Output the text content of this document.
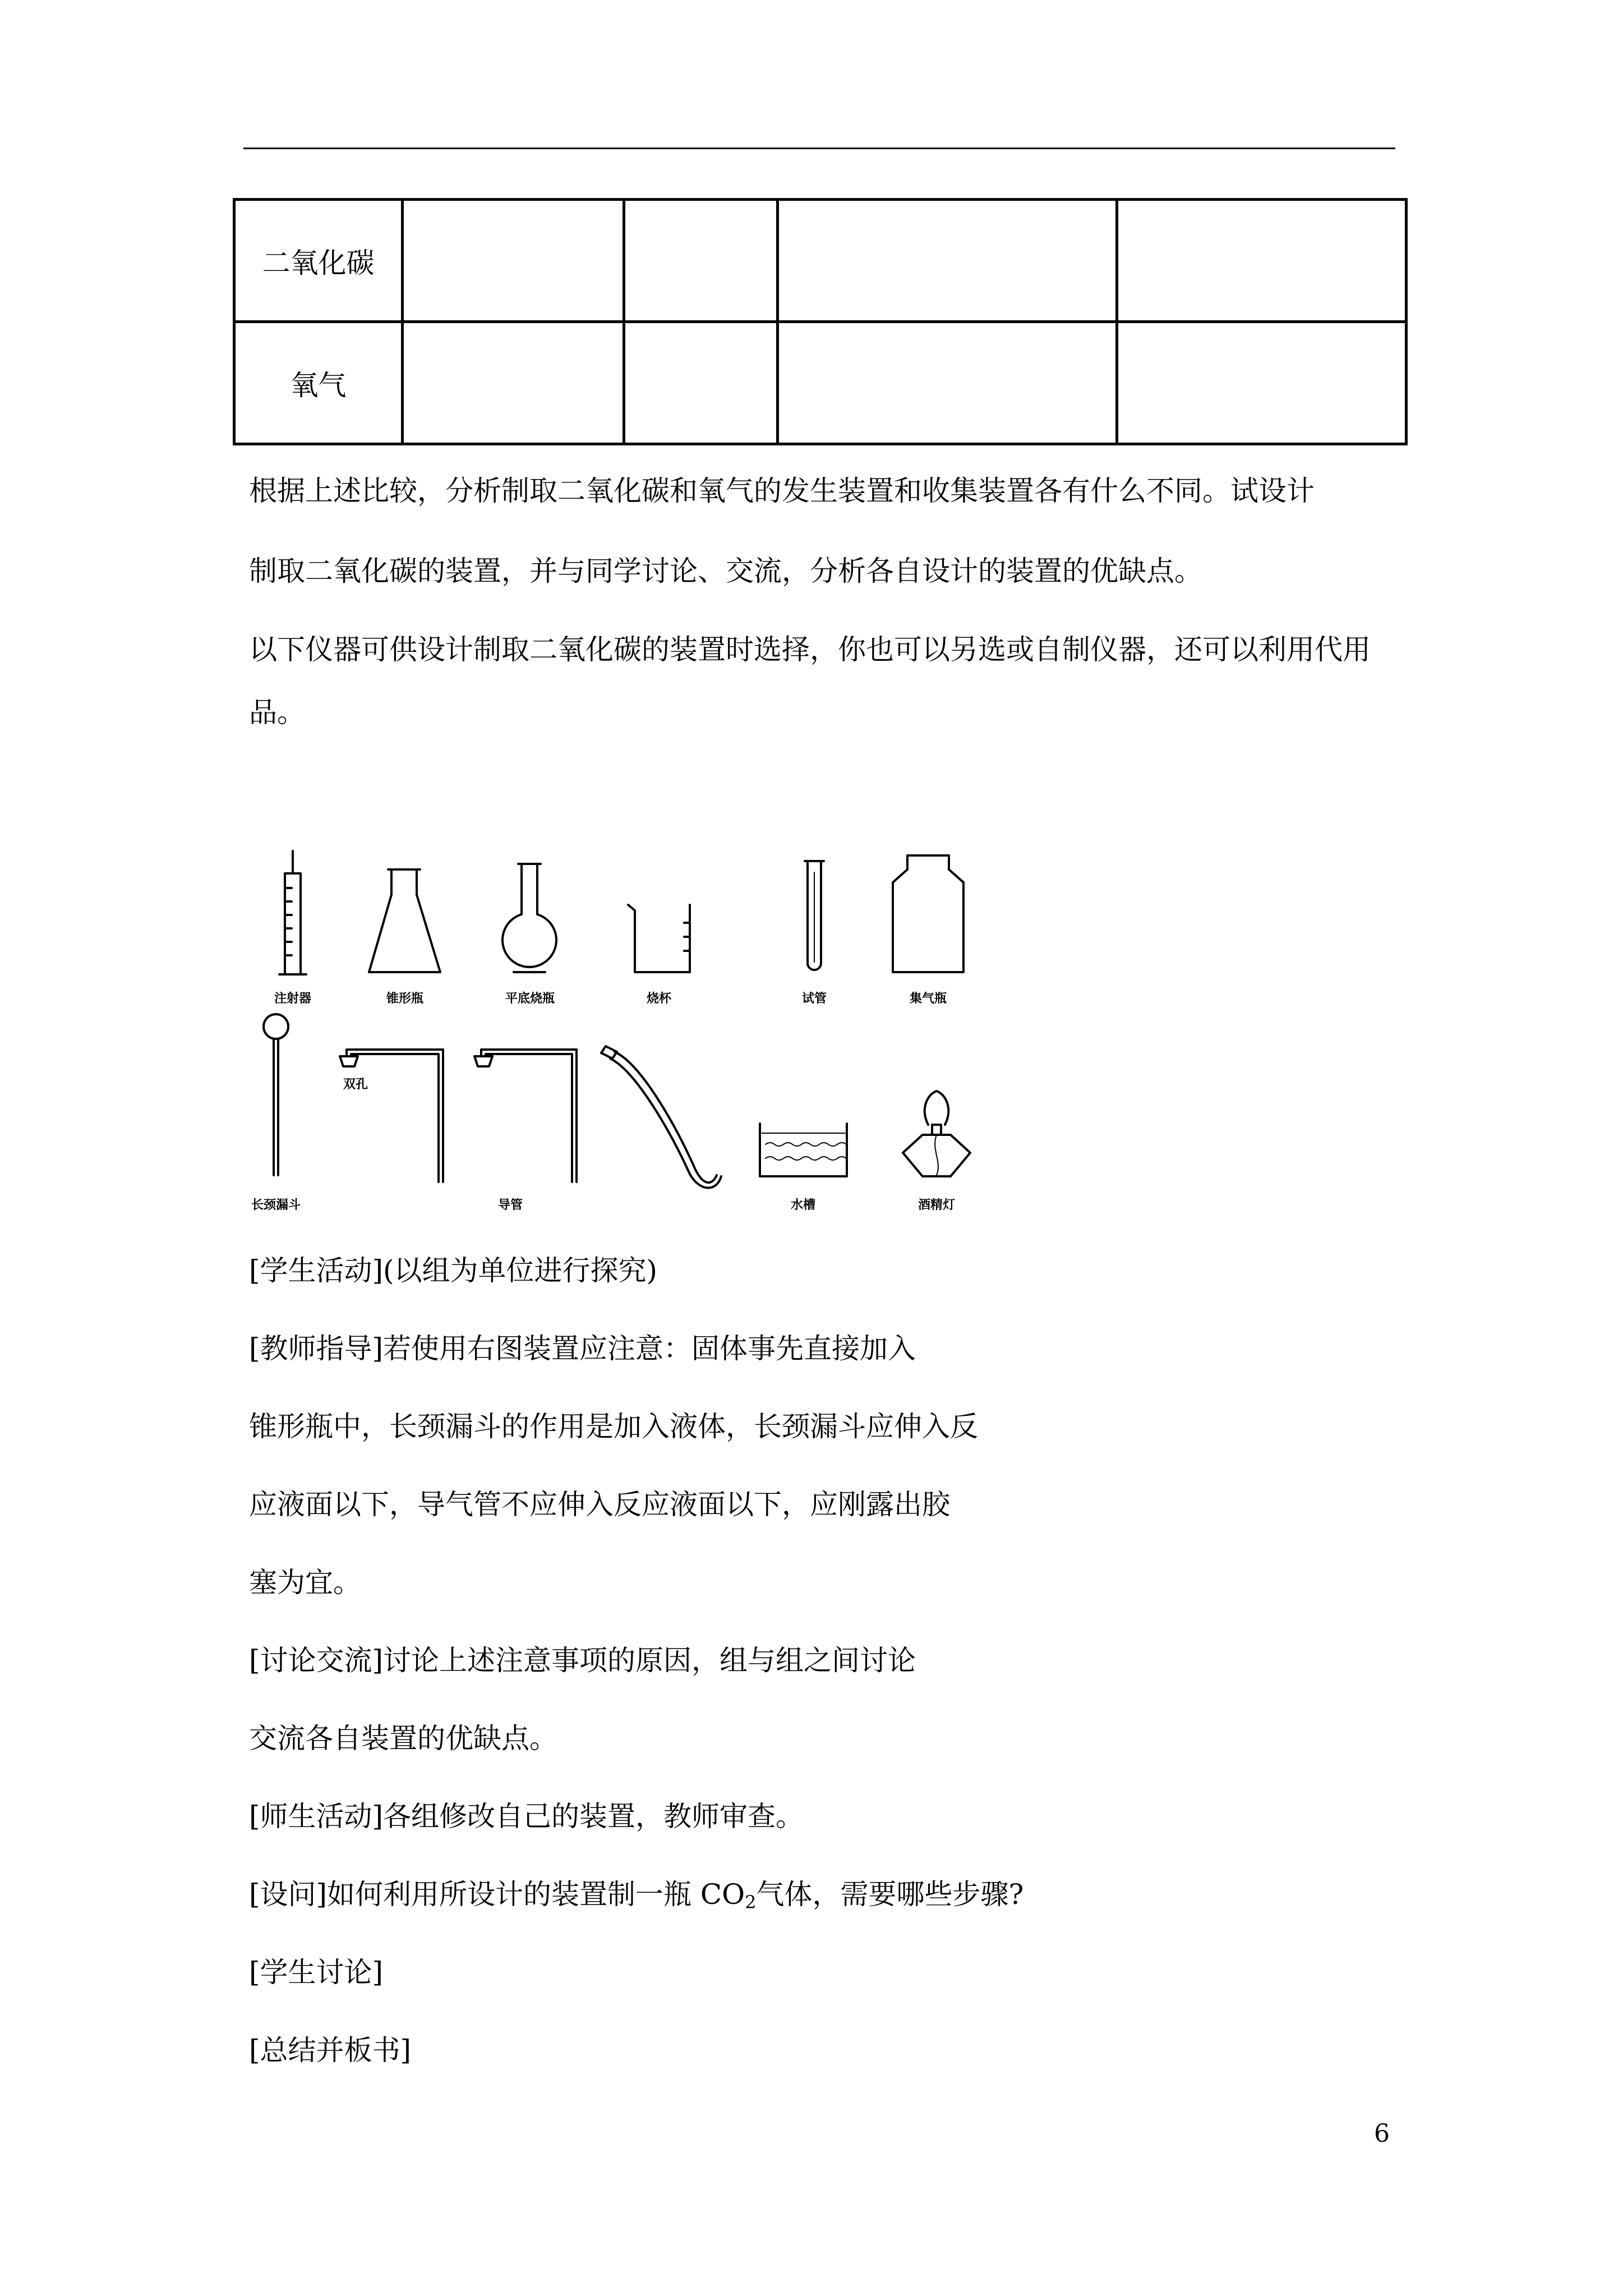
二氧化碳				
氧气				
根据上述比较，分析制取二氧化碳和氧气的发生装置和收集装置各有什么不同。试设计
制取二氧化碳的装置，并与同学讨论、交流，分析各自设计的装置的优缺点。
以下仪器可供设计制取二氧化碳的装置时选择，你也可以另选或自制仪器，还可以利用代用
品。
注射器	锥形瓶	平底烧瓶	烧杯	试管	集气瓶
双孔
长颈漏斗	导管	水槽	酒精灯
[学生活动](以组为单位进行探究)
[教师指导]若使用右图装置应注意：固体事先直接加入
锥形瓶中，长颈漏斗的作用是加入液体，长颈漏斗应伸入反
应液面以下，导气管不应伸入反应液面以下，应刚露出胶
塞为宜。
[讨论交流]讨论上述注意事项的原因，组与组之间讨论
交流各自装置的优缺点。
[师生活动]各组修改自己的装置，教师审查。
[设问]如何利用所设计的装置制一瓶 $CO_2$气体，需要哪些步骤?
[学生讨论]
[总结并板书]
6
